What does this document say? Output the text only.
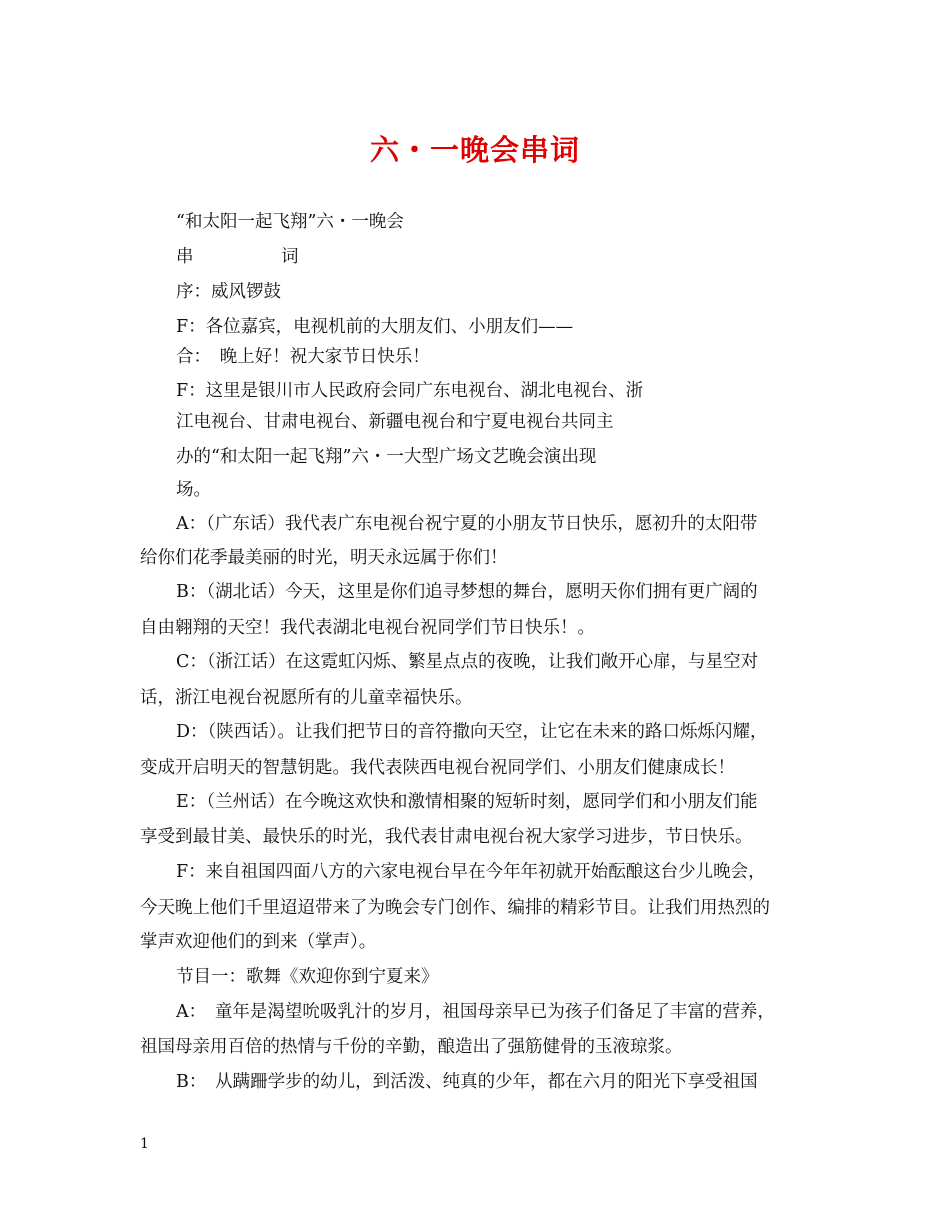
六・一晚会串词
“和太阳一起飞翔”六・一晚会
串　　　　　词
序：威风锣鼓
F：各位嘉宾，电视机前的大朋友们、小朋友们——
合：　晚上好！祝大家节日快乐！
F：这里是银川市人民政府会同广东电视台、湖北电视台、浙
江电视台、甘肃电视台、新疆电视台和宁夏电视台共同主
办的“和太阳一起飞翔”六・一大型广场文艺晚会演出现
场。
A：（广东话）我代表广东电视台祝宁夏的小朋友节日快乐，愿初升的太阳带
给你们花季最美丽的时光，明天永远属于你们！
B：（湖北话）今天，这里是你们追寻梦想的舞台，愿明天你们拥有更广阔的
自由翱翔的天空！我代表湖北电视台祝同学们节日快乐！。
C：（浙江话）在这霓虹闪烁、繁星点点的夜晚，让我们敞开心扉，与星空对
话，浙江电视台祝愿所有的儿童幸福快乐。
D：（陕西话）。让我们把节日的音符撒向天空，让它在未来的路口烁烁闪耀，
变成开启明天的智慧钥匙。我代表陕西电视台祝同学们、小朋友们健康成长！
E：（兰州话）在今晚这欢快和激情相聚的短斩时刻，愿同学们和小朋友们能
享受到最甘美、最快乐的时光，我代表甘肃电视台祝大家学习进步，节日快乐。
F：来自祖国四面八方的六家电视台早在今年年初就开始酝酿这台少儿晚会，
今天晚上他们千里迢迢带来了为晚会专门创作、编排的精彩节目。让我们用热烈的
掌声欢迎他们的到来（掌声）。
节目一：歌舞《欢迎你到宁夏来》
A：　童年是渴望吮吸乳汁的岁月，祖国母亲早已为孩子们备足了丰富的营养，
祖国母亲用百倍的热情与千份的辛勤，酿造出了强筋健骨的玉液琼浆。
B：　从蹒跚学步的幼儿，到活泼、纯真的少年，都在六月的阳光下享受祖国
1
